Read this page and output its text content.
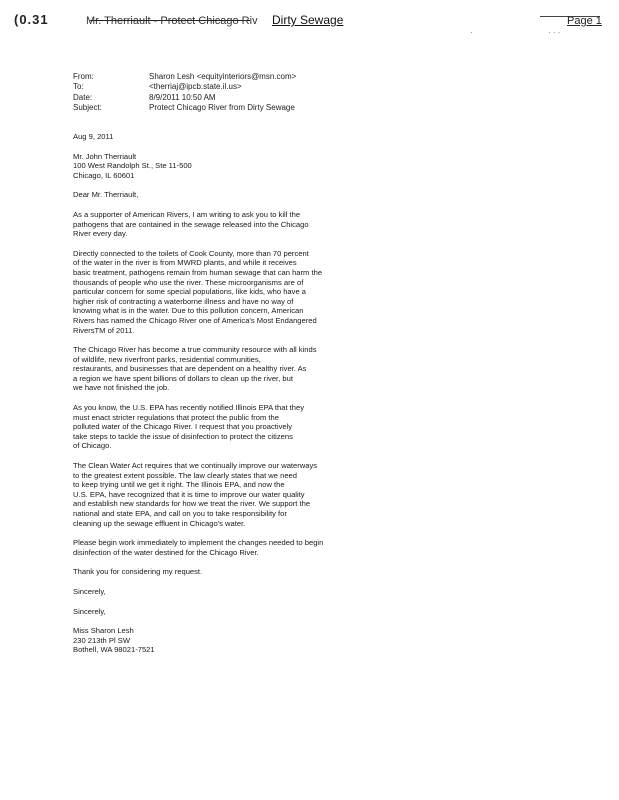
(0.31	Mr. Therriault - Protect Chicago Riv Dirty Sewage	Page 1
·	· · ·
From:	Sharon Lesh <equityinteriors@msn.com>
To:	<therriaj@ipcb.state.il.us>
Date:	8/9/2011 10:50 AM
Subject:	Protect Chicago River from Dirty Sewage

Aug 9, 2011

Mr. John Therriault

100 West Randolph St., Ste 11-500

Chicago, IL 60601

Dear Mr. Therriault,

As a supporter of American Rivers, I am writing to ask you to kill the

pathogens that are contained in the sewage released into the Chicago

River every day.

Directly connected to the toilets of Cook County, more than 70 percent

of the water in the river is from MWRD plants, and while it receives

basic treatment, pathogens remain from human sewage that can harm the

thousands of people who use the river. These microorganisms are of

particular concern for some special populations, like kids, who have a

higher risk of contracting a waterborne illness and have no way of

knowing what is in the water. Due to this pollution concern, American

Rivers has named the Chicago River one of America's Most Endangered

RiversTM of 2011.

The Chicago River has become a true community resource with all kinds

of wildlife, new riverfront parks, residential communities,

restaurants, and businesses that are dependent on a healthy river. As

a region we have spent billions of dollars to clean up the river, but

we have not finished the job.

As you know, the U.S. EPA has recently notified Illinois EPA that they

must enact stricter regulations that protect the public from the

polluted water of the Chicago River. I request that you proactively

take steps to tackle the issue of disinfection to protect the citizens

of Chicago.

The Clean Water Act requires that we continually improve our waterways

to the greatest extent possible. The law clearly states that we need

to keep trying until we get it right. The Illinois EPA, and now the

U.S. EPA, have recognized that it is time to improve our water quality

and establish new standards for how we treat the river. We support the

national and state EPA, and call on you to take responsibility for

cleaning up the sewage effluent in Chicago's water.

Please begin work immediately to implement the changes needed to begin

disinfection of the water destined for the Chicago River.

Thank you for considering my request.

Sincerely,

Sincerely,

Miss Sharon Lesh

230 213th Pl SW

Bothell, WA 98021-7521
